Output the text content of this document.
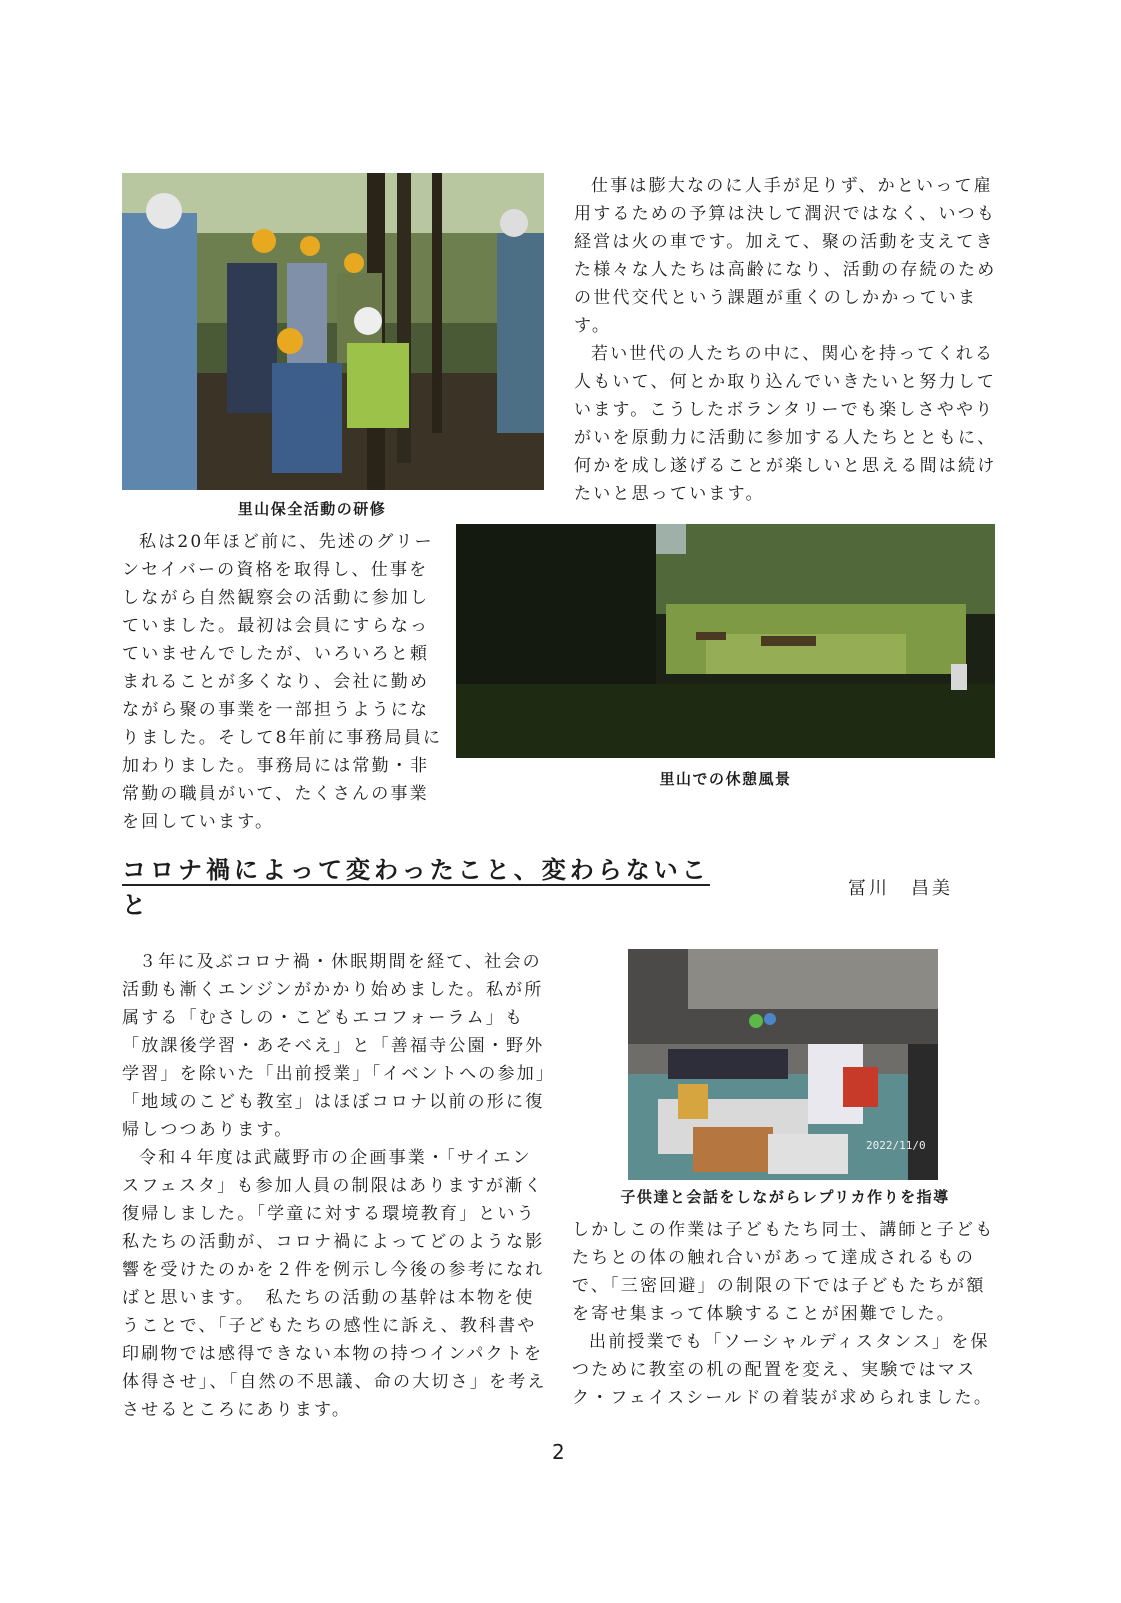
仕事は膨大なのに人手が足りず、かといって雇用するための予算は決して潤沢ではなく、いつも経営は火の車です。加えて、聚の活動を支えてきた様々な人たちは高齢になり、活動の存続のための世代交代という課題が重くのしかかっています。

若い世代の人たちの中に、関心を持ってくれる人もいて、何とか取り込んでいきたいと努力しています。こうしたボランタリーでも楽しさややりがいを原動力に活動に参加する人たちとともに、何かを成し遂げることが楽しいと思える間は続けたいと思っています。

里山保全活動の研修

私は20年ほど前に、先述のグリーンセイバーの資格を取得し、仕事をしながら自然観察会の活動に参加していました。最初は会員にすらなっていませんでしたが、いろいろと頼まれることが多くなり、会社に勤めながら聚の事業を一部担うようになりました。そして8年前に事務局員に加わりました。事務局には常勤・非常勤の職員がいて、たくさんの事業を回しています。

里山での休憩風景
コロナ禍によって変わったこと、変わらないこと
冨川　昌美

３年に及ぶコロナ禍・休眠期間を経て、社会の活動も漸くエンジンがかかり始めました。私が所属する「むさしの・こどもエコフォーラム」も「放課後学習・あそべえ」と「善福寺公園・野外学習」を除いた「出前授業」「イベントへの参加」「地域のこども教室」はほぼコロナ以前の形に復帰しつつあります。

令和４年度は武蔵野市の企画事業・「サイエンスフェスタ」も参加人員の制限はありますが漸く復帰しました。「学童に対する環境教育」という私たちの活動が、コロナ禍によってどのような影響を受けたのかを２件を例示し今後の参考になればと思います。　私たちの活動の基幹は本物を使うことで、「子どもたちの感性に訴え、教科書や印刷物では感得できない本物の持つインパクトを体得させ」、「自然の不思議、命の大切さ」を考えさせるところにあります。

2022/11/0
子供達と会話をしながらレプリカ作りを指導

しかしこの作業は子どもたち同士、講師と子どもたちとの体の触れ合いがあって達成されるもので、「三密回避」の制限の下では子どもたちが額を寄せ集まって体験することが困難でした。

出前授業でも「ソーシャルディスタンス」を保つために教室の机の配置を変え、実験ではマスク・フェイスシールドの着装が求められました。

2
